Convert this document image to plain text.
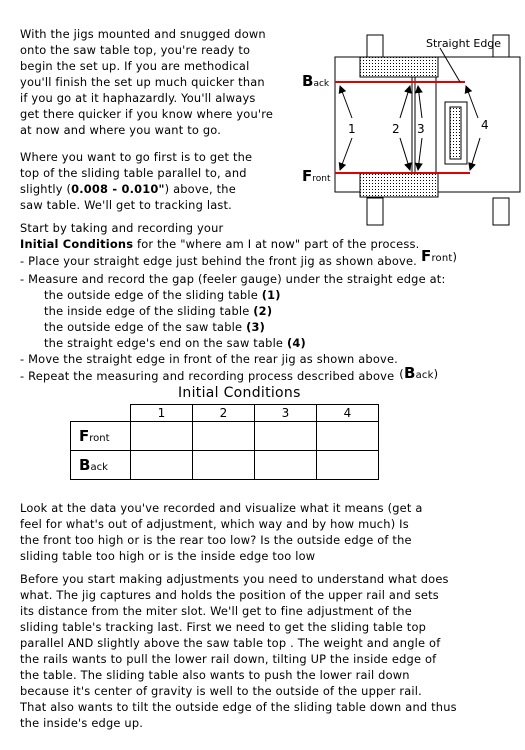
With the jigs mounted and snugged down
onto the saw table top, you're ready to
begin the set up. If you are methodical
you'll finish the set up much quicker than
if you go at it haphazardly. You'll always
get there quicker if you know where you're
at now and where you want to go.
Where you want to go first is to get the
top of the sliding table parallel to, and
slightly (0.008 - 0.010") above, the
saw table. We'll get to tracking last.
Straight Edge
Back
Front
1	2 3	4
Start by taking and recording your
Initial Conditions for the "where am I at now" part of the process.
- Place your straight edge just behind the front jig as shown above. Front)
- Measure and record the gap (feeler gauge) under the straight edge at:
the outside edge of the sliding table (1)
the inside edge of the sliding table (2)
the outside edge of the saw table (3)
the straight edge's end on the saw table (4)
- Move the straight edge in front of the rear jig as shown above.
- Repeat the measuring and recording process described above (Back)
Initial Conditions
	1	2	3	4
Front				
Back				
Look at the data you've recorded and visualize what it means (get a
feel for what's out of adjustment, which way and by how much) Is
the front too high or is the rear too low? Is the outside edge of the
sliding table too high or is the inside edge too low
Before you start making adjustments you need to understand what does
what. The jig captures and holds the position of the upper rail and sets
its distance from the miter slot. We'll get to fine adjustment of the
sliding table's tracking last. First we need to get the sliding table top
parallel AND slightly above the saw table top . The weight and angle of
the rails wants to pull the lower rail down, tilting UP the inside edge of
the table. The sliding table also wants to push the lower rail down
because it's center of gravity is well to the outside of the upper rail.
That also wants to tilt the outside edge of the sliding table down and thus
the inside's edge up.
